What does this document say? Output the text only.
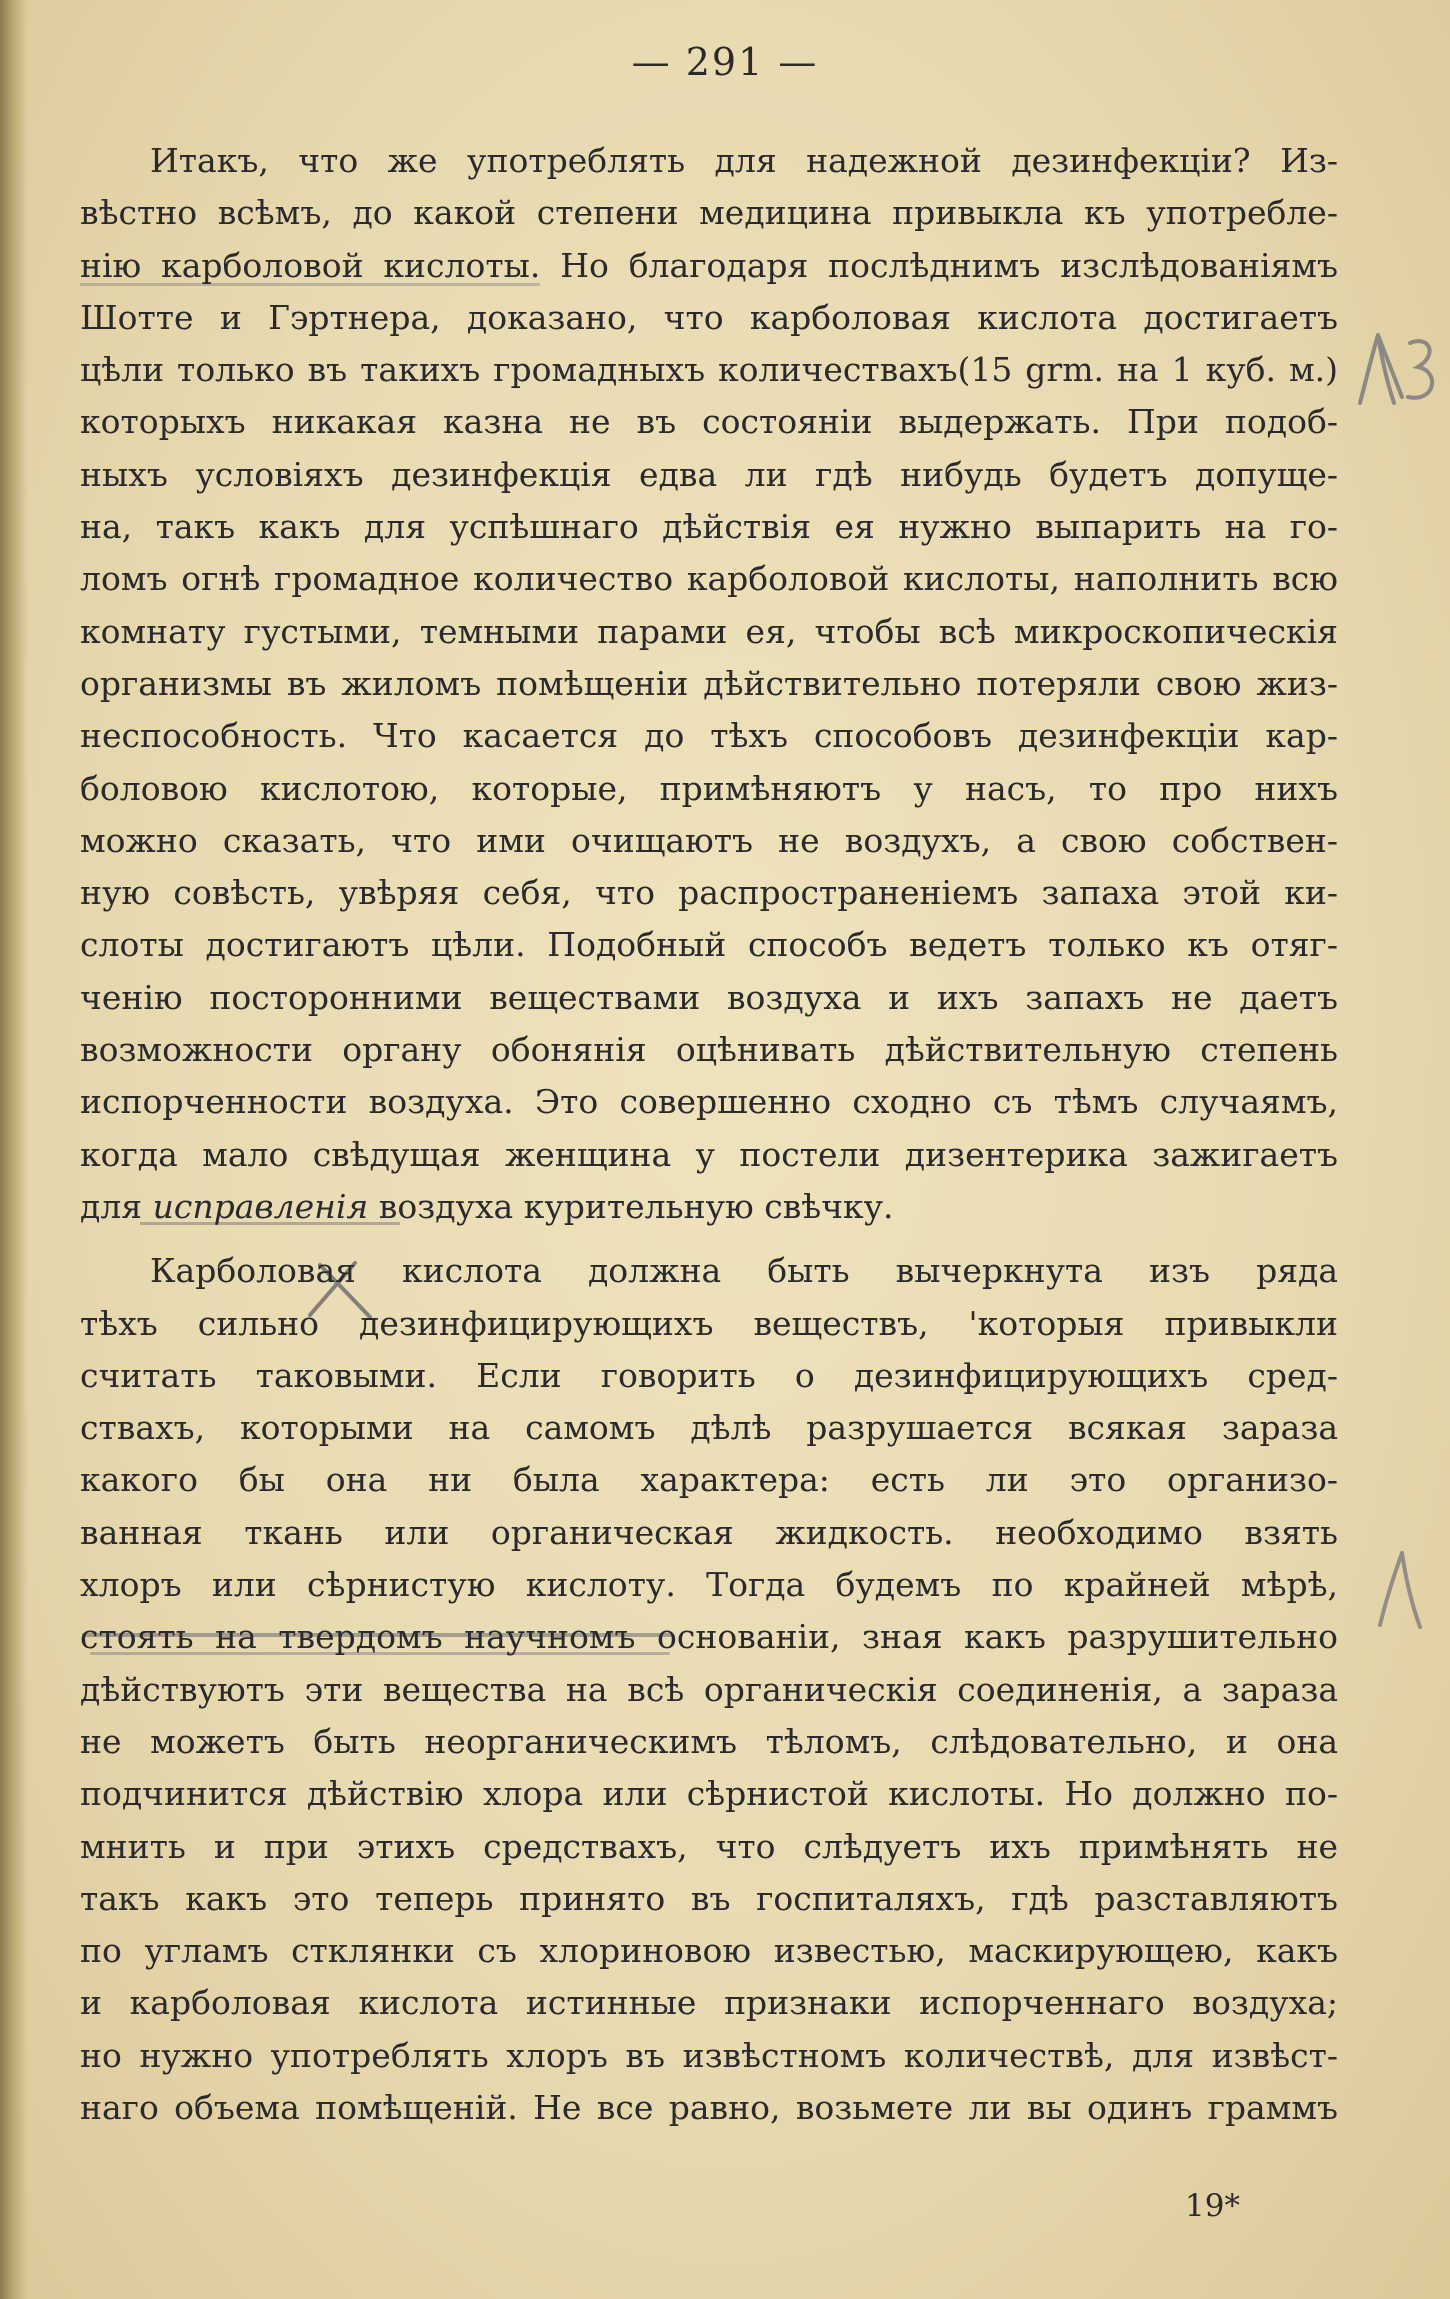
— 291 —
Итакъ, что же употреблять для надежной дезинфекціи? Из-
вѣстно всѣмъ, до какой степени медицина привыкла къ употребле-
нію карболовой кислоты. Но благодаря послѣднимъ изслѣдованіямъ
Шотте и Гэртнера, доказано, что карболовая кислота достигаетъ
цѣли только въ такихъ громадныхъ количествахъ(15 grm. на 1 куб. м.)
которыхъ никакая казна не въ состояніи выдержать. При подоб-
ныхъ условіяхъ дезинфекція едва ли гдѣ нибудь будетъ допуще-
на, такъ какъ для успѣшнаго дѣйствія ея нужно выпарить на го-
ломъ огнѣ громадное количество карболовой кислоты, наполнить всю
комнату густыми, темными парами ея, чтобы всѣ микроскопическія
организмы въ жиломъ помѣщеніи дѣйствительно потеряли свою жиз-
неспособность. Что касается до тѣхъ способовъ дезинфекціи кар-
боловою кислотою, которые, примѣняютъ у насъ, то про нихъ
можно сказать, что ими очищаютъ не воздухъ, а свою собствен-
ную совѣсть, увѣряя себя, что распространеніемъ запаха этой ки-
слоты достигаютъ цѣли. Подобный способъ ведетъ только къ отяг-
ченію посторонними веществами воздуха и ихъ запахъ не даетъ
возможности органу обонянія оцѣнивать дѣйствительную степень
испорченности воздуха. Это совершенно сходно съ тѣмъ случаямъ,
когда мало свѣдущая женщина у постели дизентерика зажигаетъ
для исправленія воздуха курительную свѣчку.
Карболовая кислота должна быть вычеркнута изъ ряда
тѣхъ сильно дезинфицирующихъ веществъ, 'которыя привыкли
считать таковыми. Если говорить о дезинфицирующихъ сред-
ствахъ, которыми на самомъ дѣлѣ разрушается всякая зараза
какого бы она ни была характера: есть ли это организо-
ванная ткань или органическая жидкость. необходимо взять
хлоръ или сѣрнистую кислоту. Тогда будемъ по крайней мѣрѣ,
стоять на твердомъ научномъ основаніи, зная какъ разрушительно
дѣйствуютъ эти вещества на всѣ органическія соединенія, а зараза
не можетъ быть неорганическимъ тѣломъ, слѣдовательно, и она
подчинится дѣйствію хлора или сѣрнистой кислоты. Но должно по-
мнить и при этихъ средствахъ, что слѣдуетъ ихъ примѣнять не
такъ какъ это теперь принято въ госпиталяхъ, гдѣ разставляютъ
по угламъ стклянки съ хлориновою известью, маскирующею, какъ
и карболовая кислота истинные признаки испорченнаго воздуха;
но нужно употреблять хлоръ въ извѣстномъ количествѣ, для извѣст-
наго объема помѣщеній. Не все равно, возьмете ли вы одинъ граммъ
19*
